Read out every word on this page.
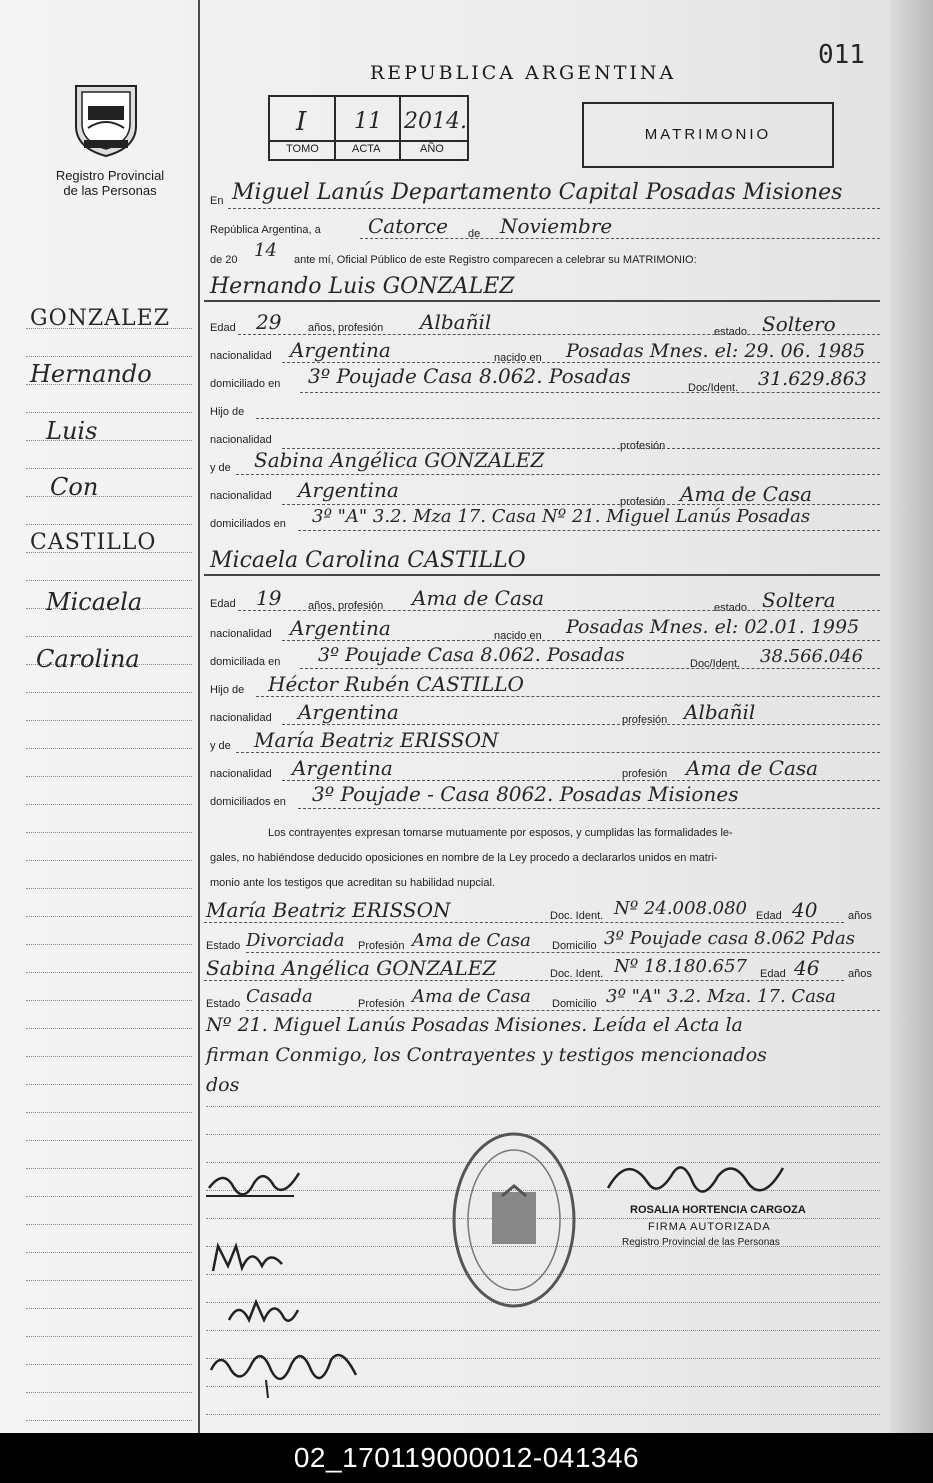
011
Registro Provincial
de las Personas
REPUBLICA ARGENTINA
I 11 2014.
TOMO	ACTA	AÑO
MATRIMONIO
GONZALEZ
Hernando
Luis
Con
CASTILLO
Micaela
Carolina
En Miguel Lanús Departamento Capital Posadas Misiones
República Argentina, a Catorce de Noviembre
de 20 14 ante mí, Oficial Público de este Registro comparecen a celebrar su MATRIMONIO:
Hernando Luis GONZALEZ
Edad 29 años, profesión Albañil	estado Soltero
nacionalidad Argentina	nacido en Posadas Mnes. el: 29. 06. 1985
domiciliado en 3º Poujade Casa 8.062. Posadas	Doc/Ident. 31.629.863
Hijo de
nacionalidad	profesión
y de Sabina Angélica GONZALEZ
nacionalidad Argentina	profesión Ama de Casa
domiciliados en 3º "A" 3.2. Mza 17. Casa Nº 21. Miguel Lanús Posadas
Micaela Carolina CASTILLO
Edad 19 años, profesión Ama de Casa	estado Soltera
nacionalidad Argentina	nacido en Posadas Mnes. el: 02.01. 1995
domiciliada en 3º Poujade Casa 8.062. Posadas	Doc/Ident. 38.566.046
Hijo de Héctor Rubén CASTILLO
nacionalidad Argentina	profesión Albañil
y de María Beatriz ERISSON
nacionalidad Argentina	profesión Ama de Casa
domiciliados en 3º Poujade - Casa 8062. Posadas Misiones
Los contrayentes expresan tomarse mutuamente por esposos, y cumplidas las formalidades le-
gales, no habiéndose deducido oposiciones en nombre de la Ley procedo a declararlos unidos en matri-
monio ante los testigos que acreditan su habilidad nupcial.
María Beatriz ERISSON	Doc. Ident. Nº 24.008.080 Edad 40	años
Estado Divorciada Profesión Ama de Casa Domicilio 3º Poujade casa 8.062 Pdas
Sabina Angélica GONZALEZ	Doc. Ident. Nº 18.180.657 Edad 46	años
Estado Casada	Profesión Ama de Casa Domicilio 3º "A" 3.2. Mza. 17. Casa
Nº 21. Miguel Lanús Posadas Misiones. Leída el Acta la
firman Conmigo, los Contrayentes y testigos mencionados
dos
ROSALIA HORTENCIA CARGOZA
FIRMA AUTORIZADA
Registro Provincial de las Personas
02_170119000012-041346
